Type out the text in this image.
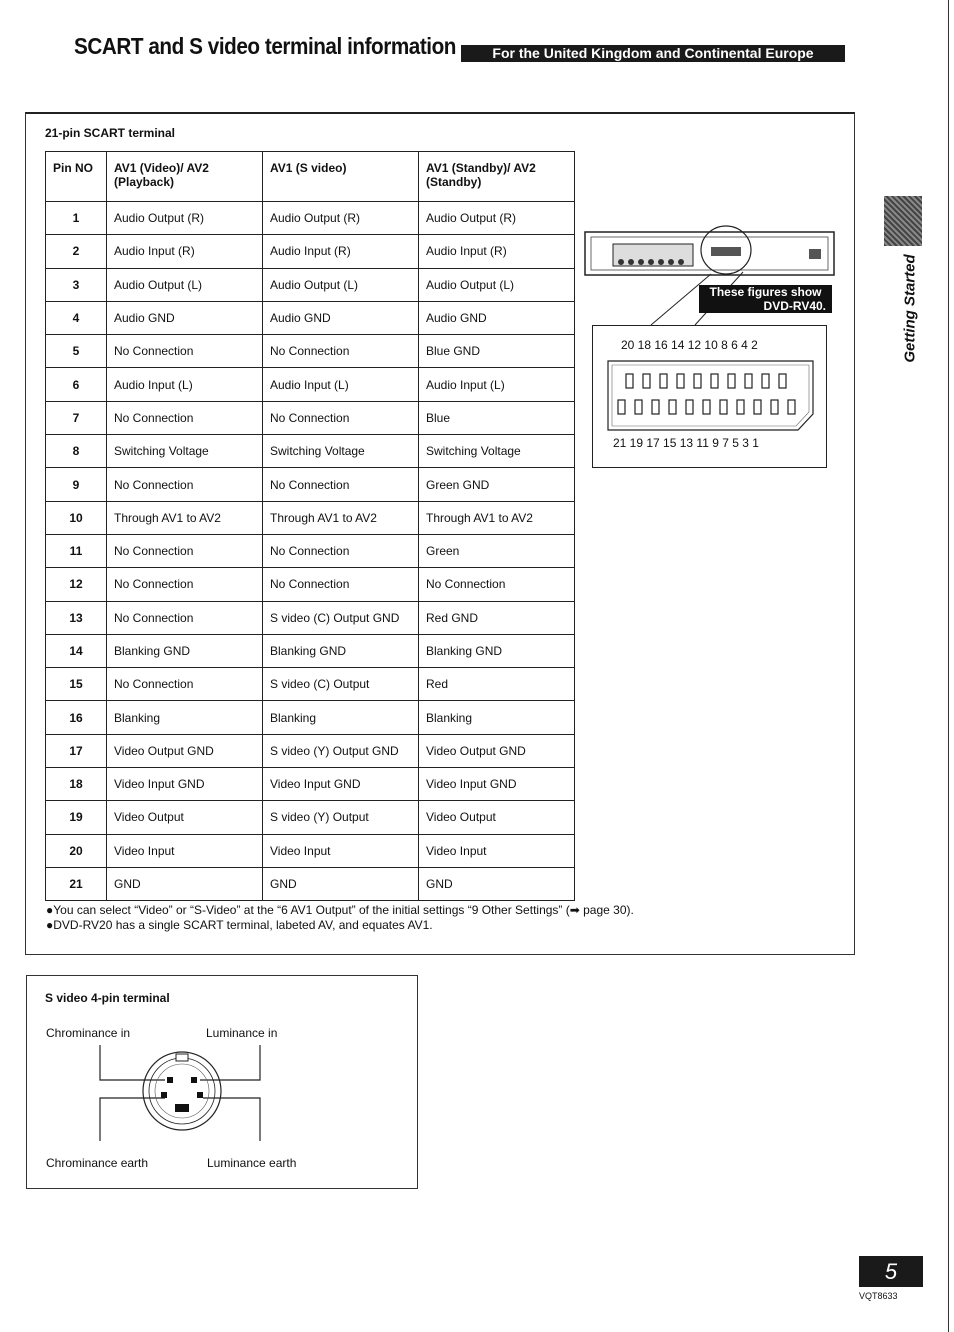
SCART and S video terminal information	For the United Kingdom and Continental Europe
21-pin SCART terminal
Pin NO	AV1 (Video)/ AV2 (Playback)	AV1 (S video)	AV1 (Standby)/ AV2 (Standby)
1	Audio Output (R)	Audio Output (R)	Audio Output (R)
2	Audio Input (R)	Audio Input (R)	Audio Input (R)
3	Audio Output (L)	Audio Output (L)	Audio Output (L)
4	Audio GND	Audio GND	Audio GND
5	No Connection	No Connection	Blue GND
6	Audio Input (L)	Audio Input (L)	Audio Input (L)
7	No Connection	No Connection	Blue
8	Switching Voltage	Switching Voltage	Switching Voltage
9	No Connection	No Connection	Green GND
10	Through AV1 to AV2	Through AV1 to AV2	Through AV1 to AV2
11	No Connection	No Connection	Green
12	No Connection	No Connection	No Connection
13	No Connection	S video (C) Output GND	Red GND
14	Blanking GND	Blanking GND	Blanking GND
15	No Connection	S video (C) Output	Red
16	Blanking	Blanking	Blanking
17	Video Output GND	S video (Y) Output GND	Video Output GND
18	Video Input GND	Video Input GND	Video Input GND
19	Video Output	S video (Y) Output	Video Output
20	Video Input	Video Input	Video Input
21	GND	GND	GND
●You can select “Video” or “S-Video” at the “6 AV1 Output” of the initial settings “9 Other Settings” (➡ page 30).
●DVD-RV20 has a single SCART terminal, labeted AV, and equates AV1.
These figures show
DVD-RV40.
20 18 16 14 12 10 8 6 4 2
21 19 17 15 13 11 9 7 5 3 1
S video 4-pin terminal
Chrominance in	Luminance in
Chrominance earth	Luminance earth
Getting Started
5
VQT8633
